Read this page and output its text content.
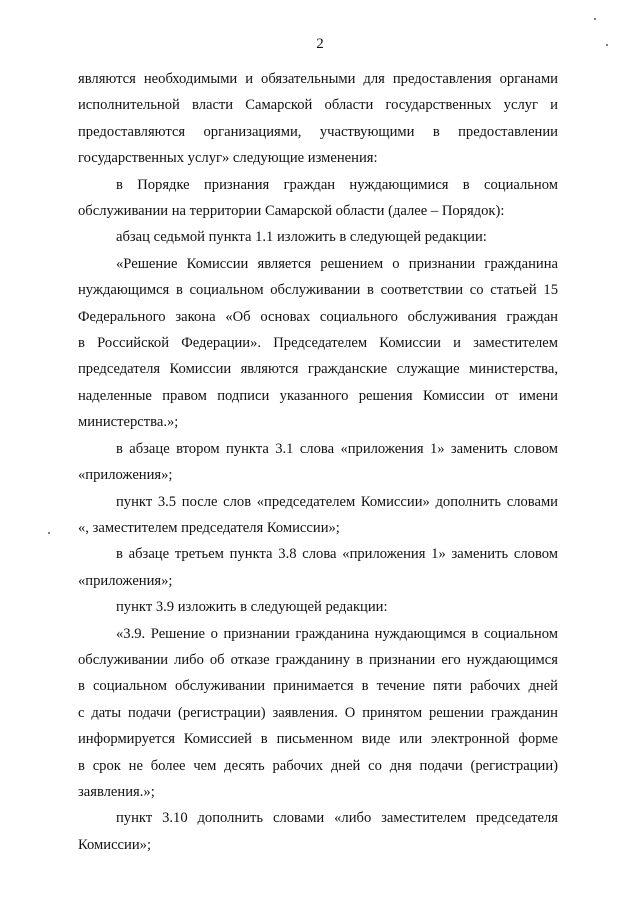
2
являются необходимыми и обязательными для предоставления органами
исполнительной власти Самарской области государственных услуг и
предоставляются организациями, участвующими в предоставлении
государственных услуг» следующие изменения:
в Порядке признания граждан нуждающимися в социальном
обслуживании на территории Самарской области (далее – Порядок):
абзац седьмой пункта 1.1 изложить в следующей редакции:
«Решение Комиссии является решением о признании гражданина
нуждающимся в социальном обслуживании в соответствии со статьей 15
Федерального закона «Об основах социального обслуживания граждан
в Российской Федерации». Председателем Комиссии и заместителем
председателя Комиссии являются гражданские служащие министерства,
наделенные правом подписи указанного решения Комиссии от имени
министерства.»;
в абзаце втором пункта 3.1 слова «приложения 1» заменить словом
«приложения»;
пункт 3.5 после слов «председателем Комиссии» дополнить словами
«, заместителем председателя Комиссии»;
в абзаце третьем пункта 3.8 слова «приложения 1» заменить словом
«приложения»;
пункт 3.9 изложить в следующей редакции:
«3.9. Решение о признании гражданина нуждающимся в социальном
обслуживании либо об отказе гражданину в признании его нуждающимся
в социальном обслуживании принимается в течение пяти рабочих дней
с даты подачи (регистрации) заявления. О принятом решении гражданин
информируется Комиссией в письменном виде или электронной форме
в срок не более чем десять рабочих дней со дня подачи (регистрации)
заявления.»;
пункт 3.10 дополнить словами «либо заместителем председателя
Комиссии»;
